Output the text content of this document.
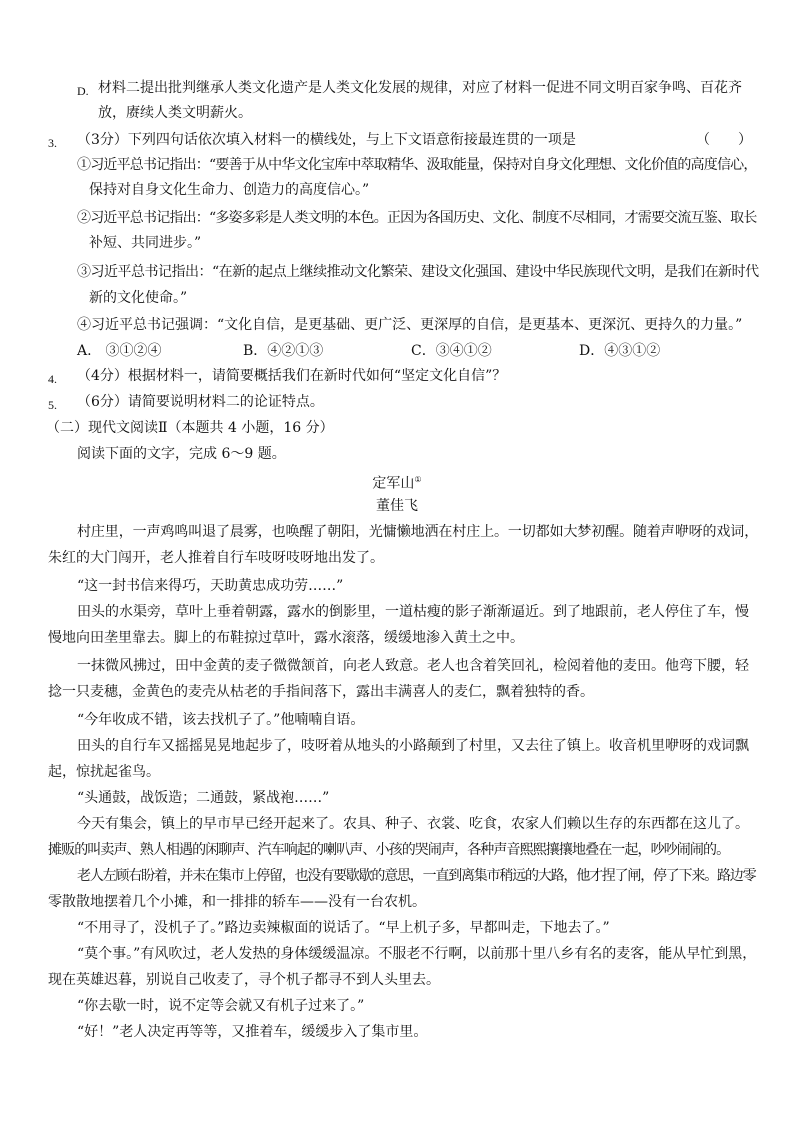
D. 材料二提出批判继承人类文化遗产是人类文化发展的规律，对应了材料一促进不同文明百家争鸣、百花齐
放，赓续人类文明薪火。
3. （3分）下列四句话依次填入材料一的横线处，与上下文语意衔接最连贯的一项是	（　　）
①习近平总书记指出：“要善于从中华文化宝库中萃取精华、汲取能量，保持对自身文化理想、文化价值的高度信心，
保持对自身文化生命力、创造力的高度信心。”
②习近平总书记指出：“多姿多彩是人类文明的本色。正因为各国历史、文化、制度不尽相同，才需要交流互鉴、取长
补短、共同进步。”
③习近平总书记指出：“在新的起点上继续推动文化繁荣、建设文化强国、建设中华民族现代文明，是我们在新时代
新的文化使命。”
④习近平总书记强调：“文化自信，是更基础、更广泛、更深厚的自信，是更基本、更深沉、更持久的力量。”
A.　③①②④	B．④②①③	C．③④①②	D．④③①②
4. （4分）根据材料一，请简要概括我们在新时代如何“坚定文化自信”？
5. （6分）请简要说明材料二的论证特点。
（二）现代文阅读Ⅱ（本题共 4 小题，16 分）
阅读下面的文字，完成 6～9 题。
定军山①
董佳飞
村庄里，一声鸡鸣叫退了晨雾，也唤醒了朝阳，光慵懒地洒在村庄上。一切都如大梦初醒。随着声咿呀的戏词，
朱红的大门闯开，老人推着自行车吱呀吱呀地出发了。
“这一封书信来得巧，天助黄忠成功劳……”
田头的水渠旁，草叶上垂着朝露，露水的倒影里，一道枯瘦的影子渐渐逼近。到了地跟前，老人停住了车，慢
慢地向田垄里靠去。脚上的布鞋掠过草叶，露水滚落，缓缓地渗入黄土之中。
一抹微风拂过，田中金黄的麦子微微颔首，向老人致意。老人也含着笑回礼，检阅着他的麦田。他弯下腰，轻
捻一只麦穗，金黄色的麦壳从枯老的手指间落下，露出丰满喜人的麦仁，飘着独特的香。
“今年收成不错，该去找机子了。”他喃喃自语。
田头的自行车又摇摇晃晃地起步了，吱呀着从地头的小路颠到了村里，又去往了镇上。收音机里咿呀的戏词飘
起，惊扰起雀鸟。
“头通鼓，战饭造；二通鼓，紧战袍……”
今天有集会，镇上的早市早已经开起来了。农具、种子、衣裳、吃食，农家人们赖以生存的东西都在这儿了。
摊贩的叫卖声、熟人相遇的闲聊声、汽车响起的喇叭声、小孩的哭闹声，各种声音熙熙攘攘地叠在一起，吵吵闹闹的。
老人左顾右盼着，并未在集市上停留，也没有要歇歇的意思，一直到离集市稍远的大路，他才捏了闸，停了下来。路边零
零散散地摆着几个小摊，和一排排的轿车——没有一台农机。
“不用寻了，没机子了。”路边卖辣椒面的说话了。“早上机子多，早都叫走，下地去了。”
“莫个事。”有风吹过，老人发热的身体缓缓温凉。不服老不行啊，以前那十里八乡有名的麦客，能从早忙到黑，
现在英雄迟暮，别说自己收麦了，寻个机子都寻不到人头里去。
“你去歇一时，说不定等会就又有机子过来了。”
“好！”老人决定再等等，又推着车，缓缓步入了集市里。
